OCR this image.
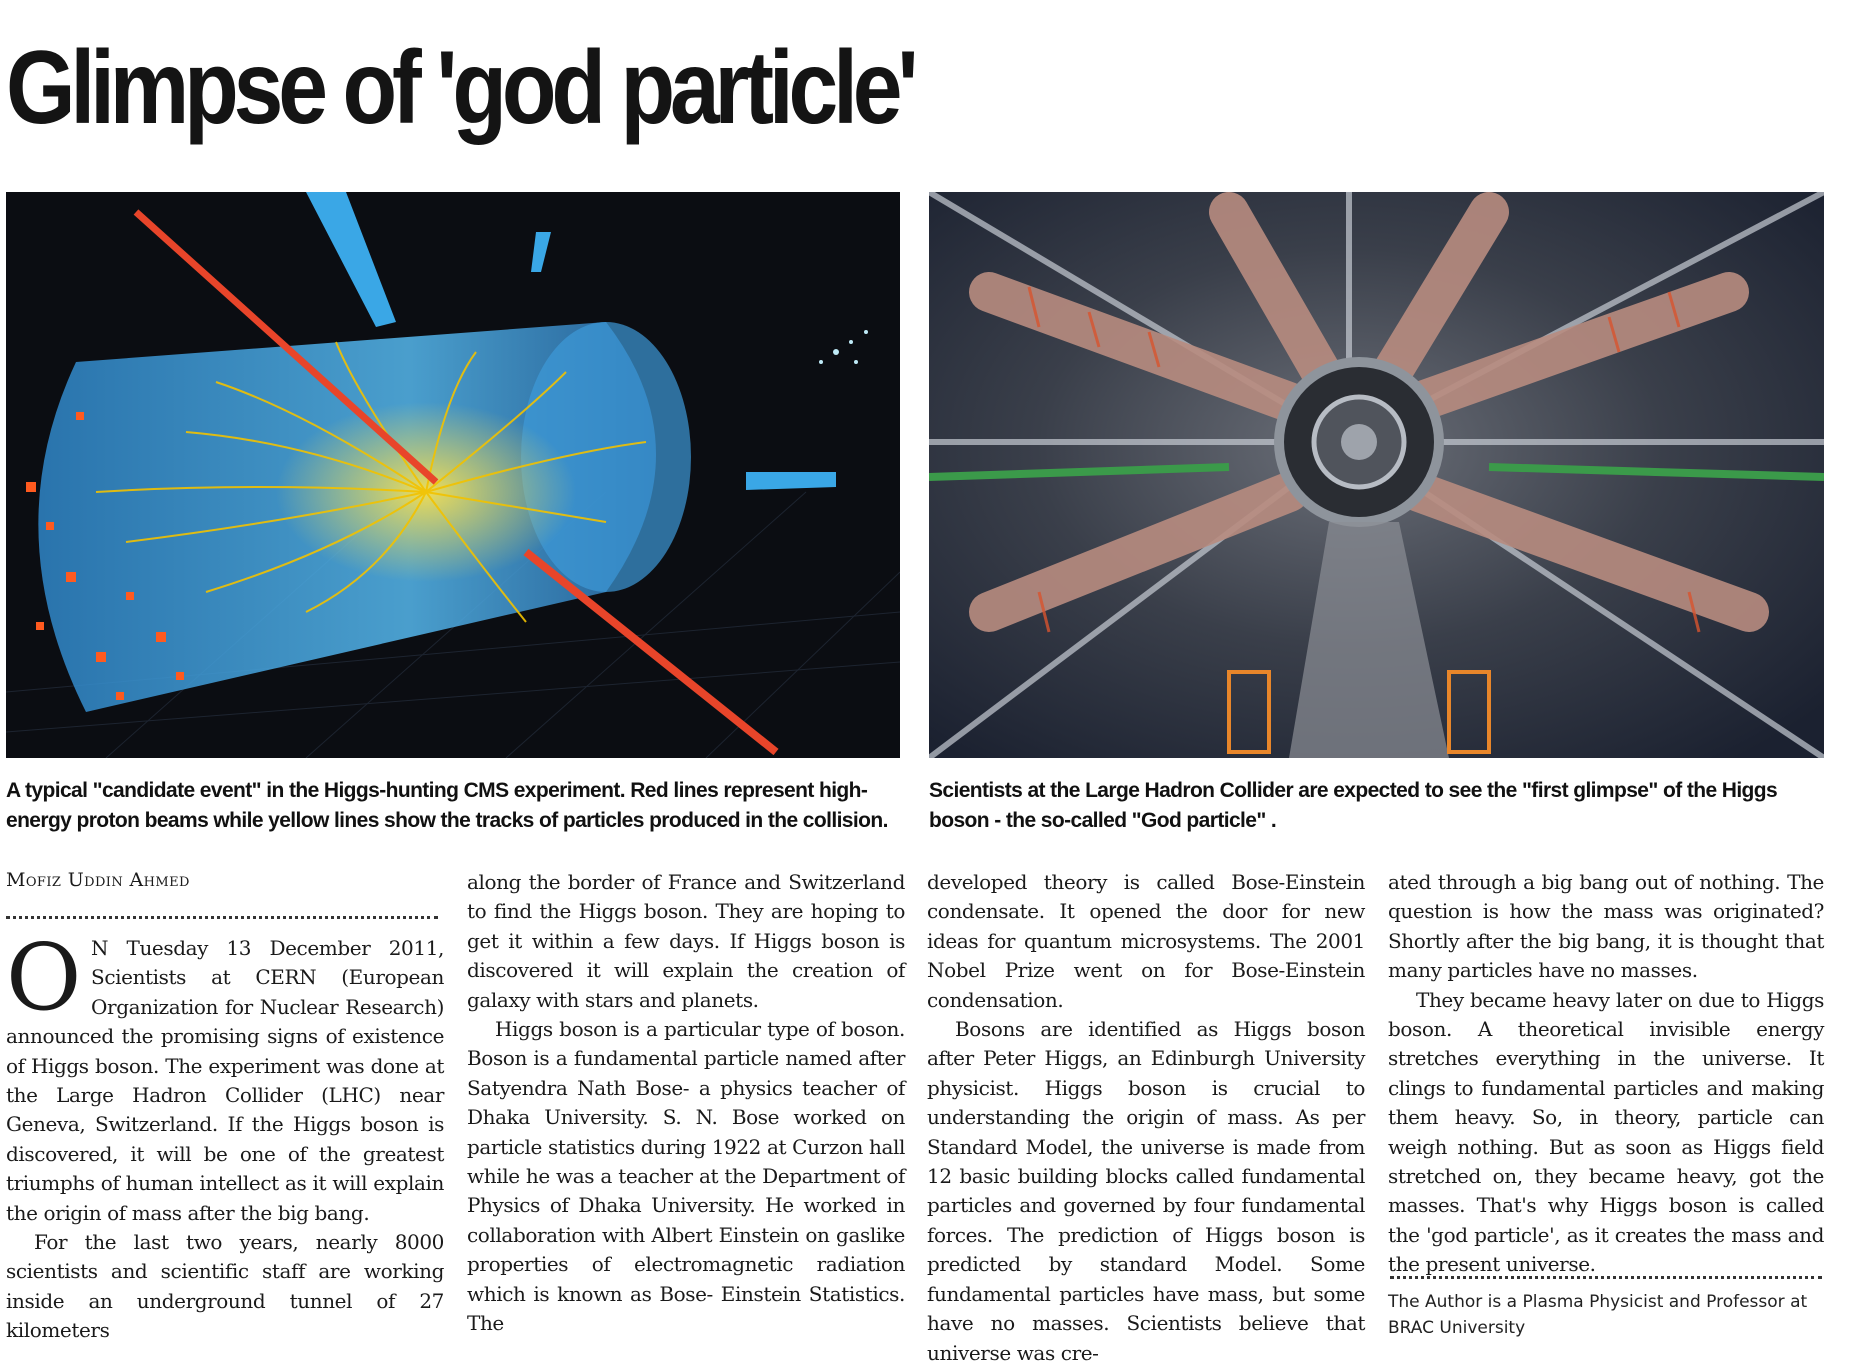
Glimpse of 'god particle'

A typical "candidate event" in the Higgs-hunting CMS experiment. Red lines represent high-energy proton beams while yellow lines show the tracks of particles produced in the collision.

Scientists at the Large Hadron Collider are expected to see the "first glimpse" of the Higgs boson - the so-called "God particle" .

Mofiz Uddin Ahmed

O N Tuesday 13 December 2011, Scientists at CERN (European Organization for Nuclear Research) announced the promising signs of existence of Higgs boson. The experiment was done at the Large Hadron Collider (LHC) near Geneva, Switzerland. If the Higgs boson is discovered, it will be one of the greatest triumphs of human intellect as it will explain the origin of mass after the big bang.

For the last two years, nearly 8000 scientists and scientific staff are working inside an underground tunnel of 27 kilometers

along the border of France and Switzerland to find the Higgs boson. They are hoping to get it within a few days. If Higgs boson is discovered it will explain the creation of galaxy with stars and planets.

Higgs boson is a particular type of boson. Boson is a fundamental particle named after Satyendra Nath Bose- a physics teacher of Dhaka University. S. N. Bose worked on particle statistics during 1922 at Curzon hall while he was a teacher at the Department of Physics of Dhaka University. He worked in collaboration with Albert Einstein on gaslike properties of electromagnetic radiation which is known as Bose- Einstein Statistics. The

developed theory is called Bose-Einstein condensate. It opened the door for new ideas for quantum microsystems. The 2001 Nobel Prize went on for Bose-Einstein condensation.

Bosons are identified as Higgs boson after Peter Higgs, an Edinburgh University physicist. Higgs boson is crucial to understanding the origin of mass. As per Standard Model, the universe is made from 12 basic building blocks called fundamental particles and governed by four fundamental forces. The prediction of Higgs boson is predicted by standard Model. Some fundamental particles have mass, but some have no masses. Scientists believe that universe was cre-

ated through a big bang out of nothing. The question is how the mass was originated? Shortly after the big bang, it is thought that many particles have no masses.

They became heavy later on due to Higgs boson. A theoretical invisible energy stretches everything in the universe. It clings to fundamental particles and making them heavy. So, in theory, particle can weigh nothing. But as soon as Higgs field stretched on, they became heavy, got the masses. That's why Higgs boson is called the 'god particle', as it creates the mass and the present universe.

The Author is a Plasma Physicist and Professor at BRAC University
